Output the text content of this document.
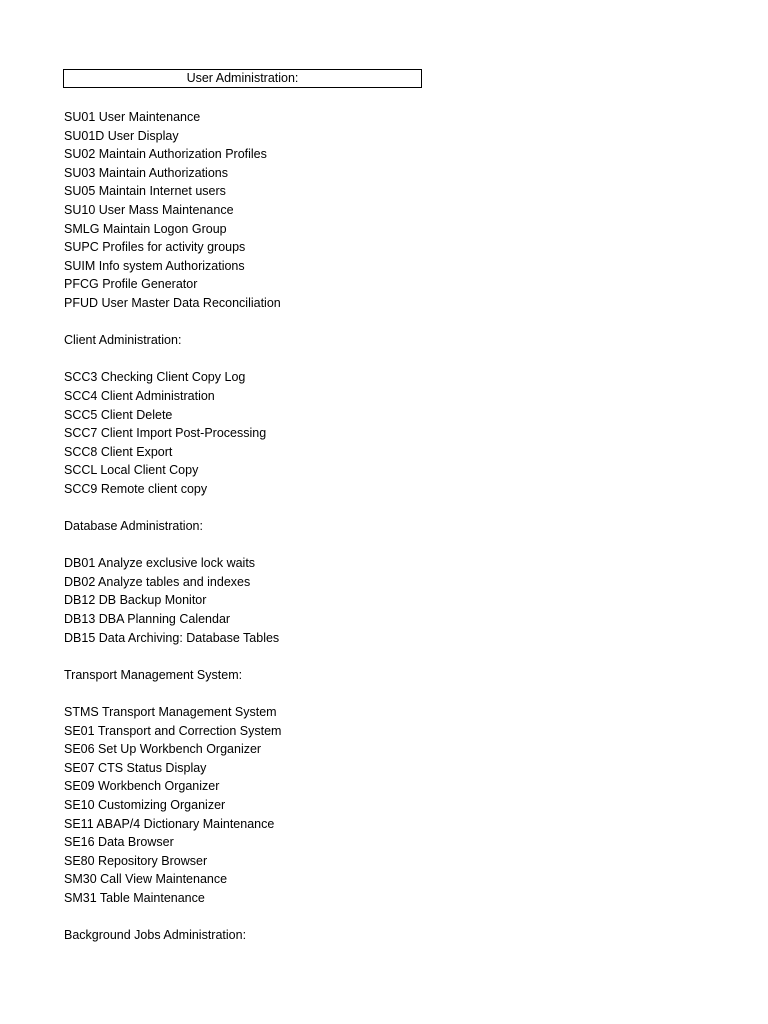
User Administration:
SU01 User Maintenance
SU01D User Display
SU02 Maintain Authorization Profiles
SU03 Maintain Authorizations
SU05 Maintain Internet users
SU10 User Mass Maintenance
SMLG Maintain Logon Group
SUPC Profiles for activity groups
SUIM Info system Authorizations
PFCG Profile Generator
PFUD User Master Data Reconciliation
Client Administration:
SCC3 Checking Client Copy Log
SCC4 Client Administration
SCC5 Client Delete
SCC7 Client Import Post-Processing
SCC8 Client Export
SCCL Local Client Copy
SCC9 Remote client copy
Database Administration:
DB01 Analyze exclusive lock waits
DB02 Analyze tables and indexes
DB12 DB Backup Monitor
DB13 DBA Planning Calendar
DB15 Data Archiving: Database Tables
Transport Management System:
STMS Transport Management System
SE01 Transport and Correction System
SE06 Set Up Workbench Organizer
SE07 CTS Status Display
SE09 Workbench Organizer
SE10 Customizing Organizer
SE11 ABAP/4 Dictionary Maintenance
SE16 Data Browser
SE80 Repository Browser
SM30 Call View Maintenance
SM31 Table Maintenance
Background Jobs Administration:
